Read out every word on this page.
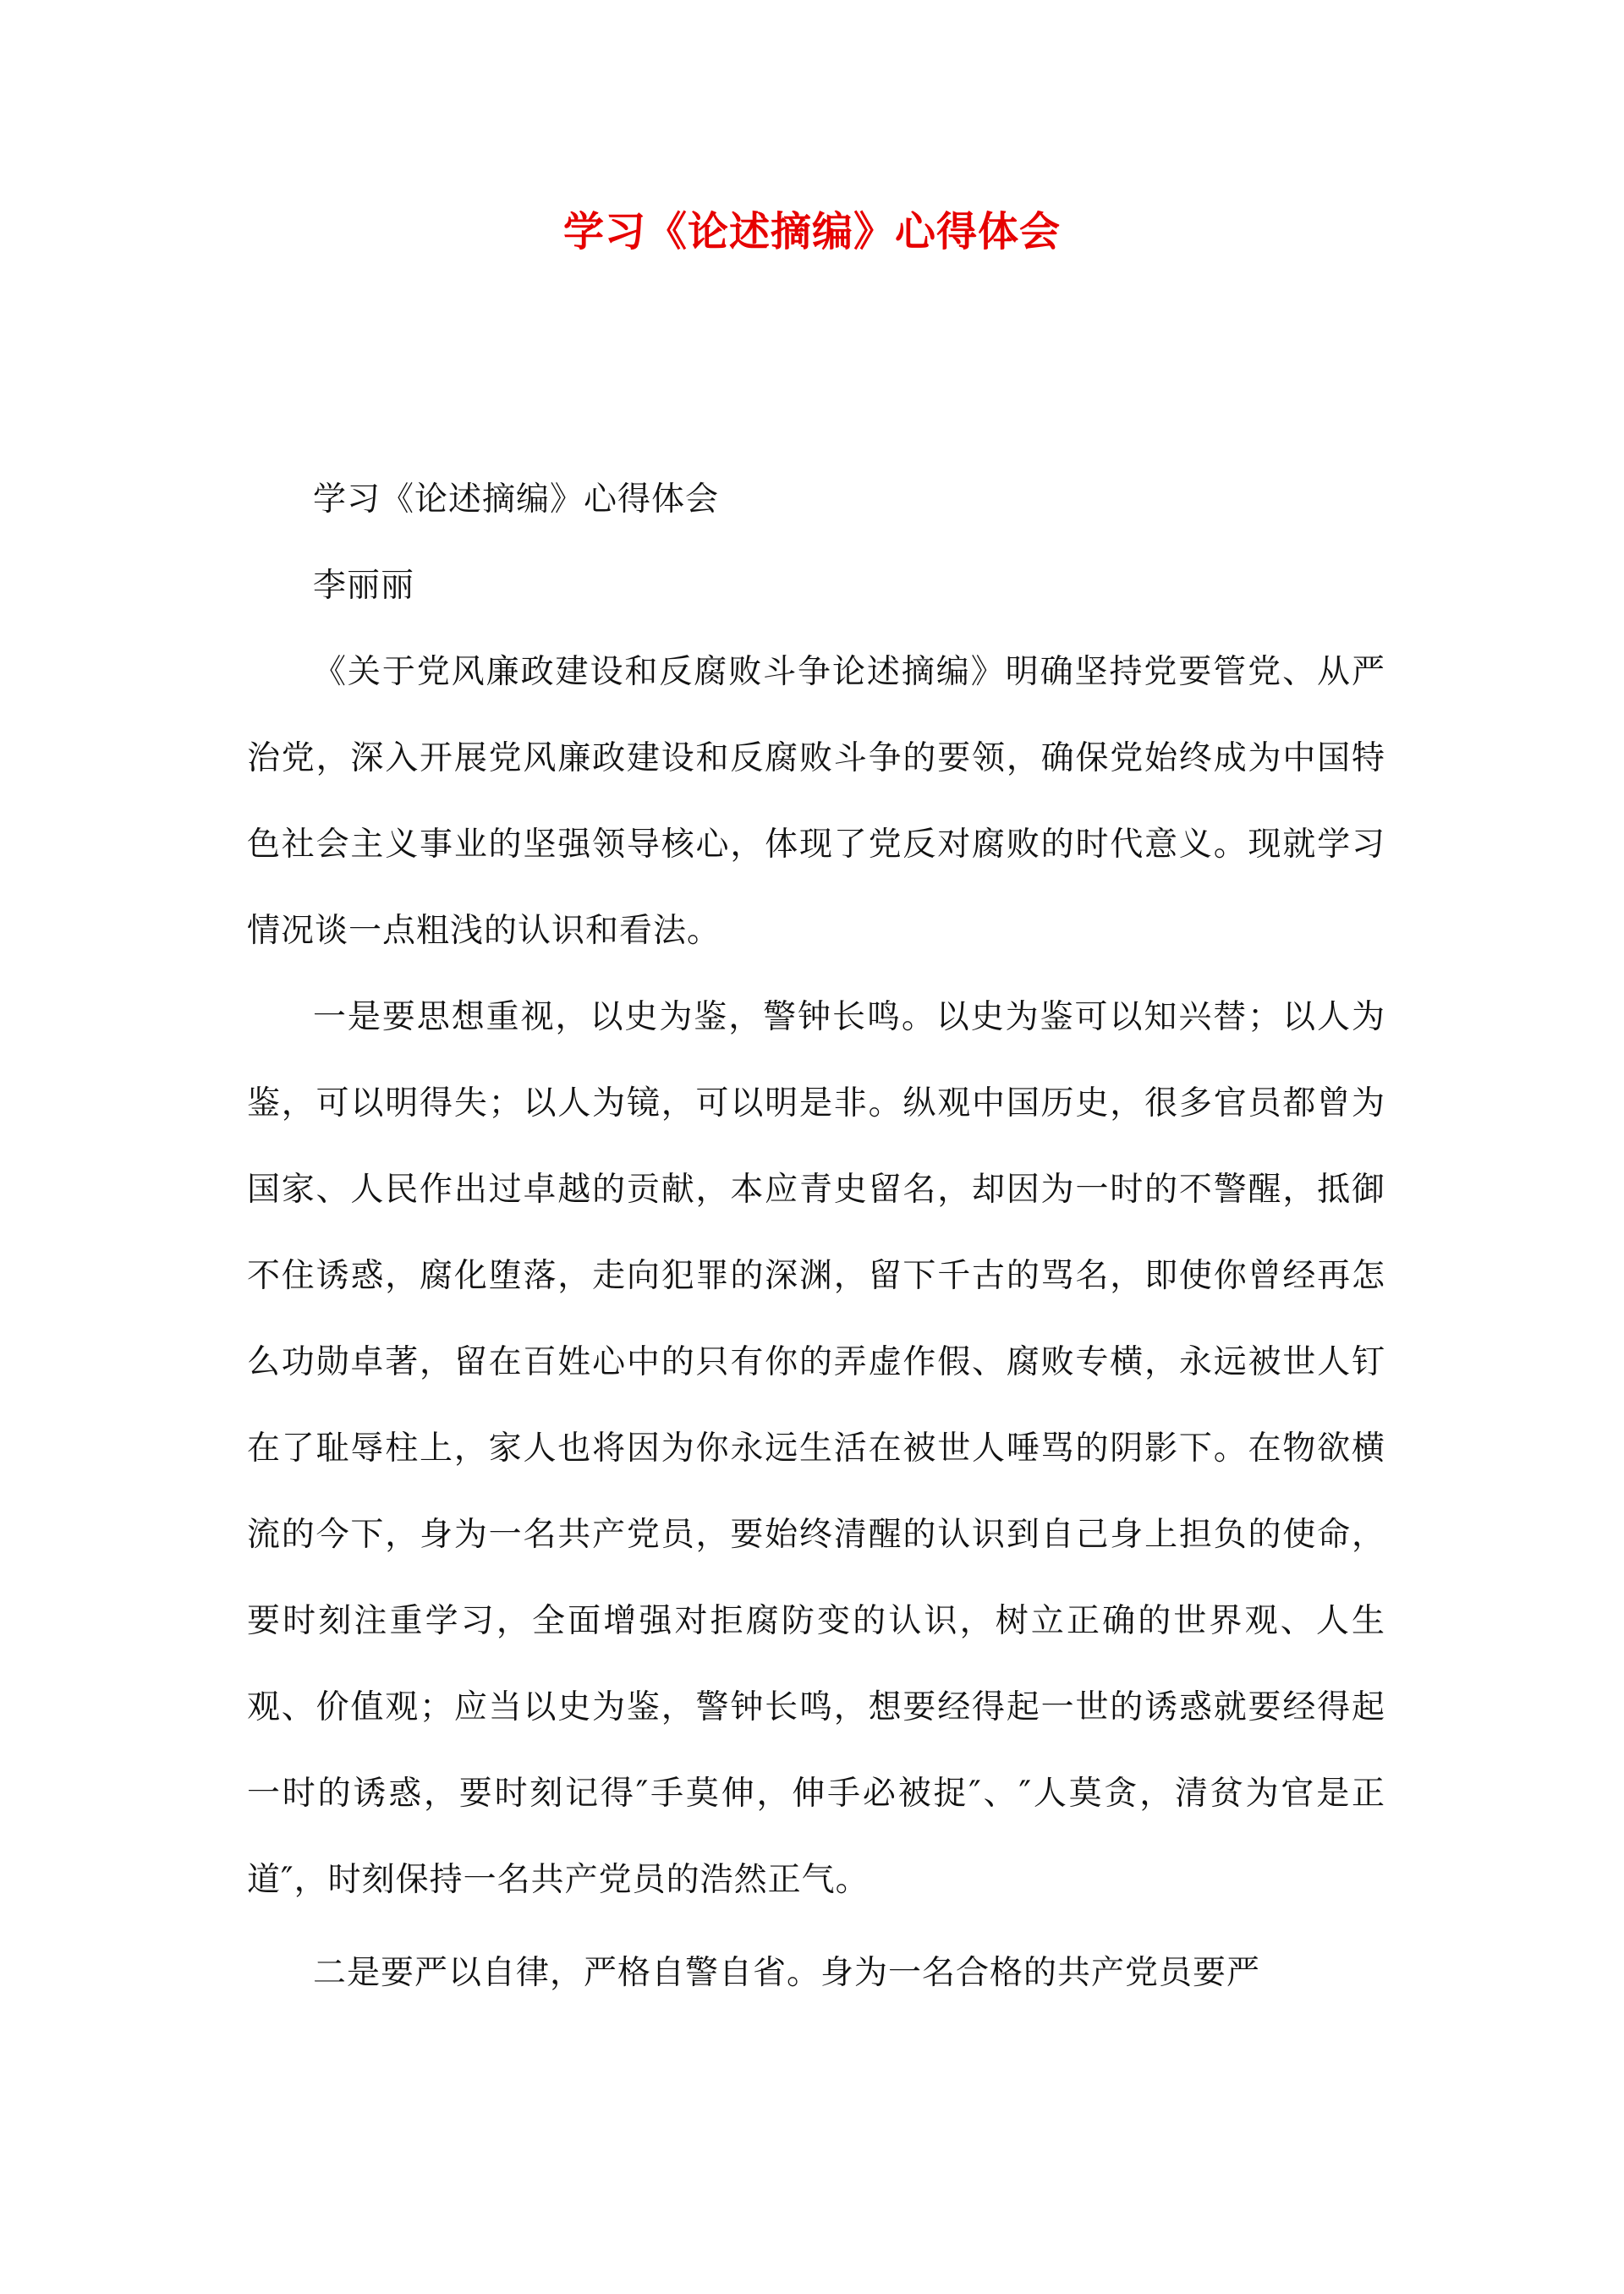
学习《论述摘编》心得体会

学习《论述摘编》心得体会

李丽丽

《关于党风廉政建设和反腐败斗争论述摘编》明确坚持党要管党、从严治党，深入开展党风廉政建设和反腐败斗争的要领，确保党始终成为中国特色社会主义事业的坚强领导核心，体现了党反对腐败的时代意义。现就学习情况谈一点粗浅的认识和看法。

一是要思想重视，以史为鉴，警钟长鸣。以史为鉴可以知兴替；以人为鉴，可以明得失；以人为镜，可以明是非。纵观中国历史，很多官员都曾为国家、人民作出过卓越的贡献，本应青史留名，却因为一时的不警醒，抵御不住诱惑，腐化堕落，走向犯罪的深渊，留下千古的骂名，即使你曾经再怎么功勋卓著，留在百姓心中的只有你的弄虚作假、腐败专横，永远被世人钉在了耻辱柱上，家人也将因为你永远生活在被世人唾骂的阴影下。在物欲横流的今下，身为一名共产党员，要始终清醒的认识到自己身上担负的使命，要时刻注重学习，全面增强对拒腐防变的认识，树立正确的世界观、人生观、价值观；应当以史为鉴，警钟长鸣，想要经得起一世的诱惑就要经得起一时的诱惑，要时刻记得″手莫伸，伸手必被捉″、″人莫贪，清贫为官是正道″，时刻保持一名共产党员的浩然正气。

二是要严以自律，严格自警自省。身为一名合格的共产党员要严
